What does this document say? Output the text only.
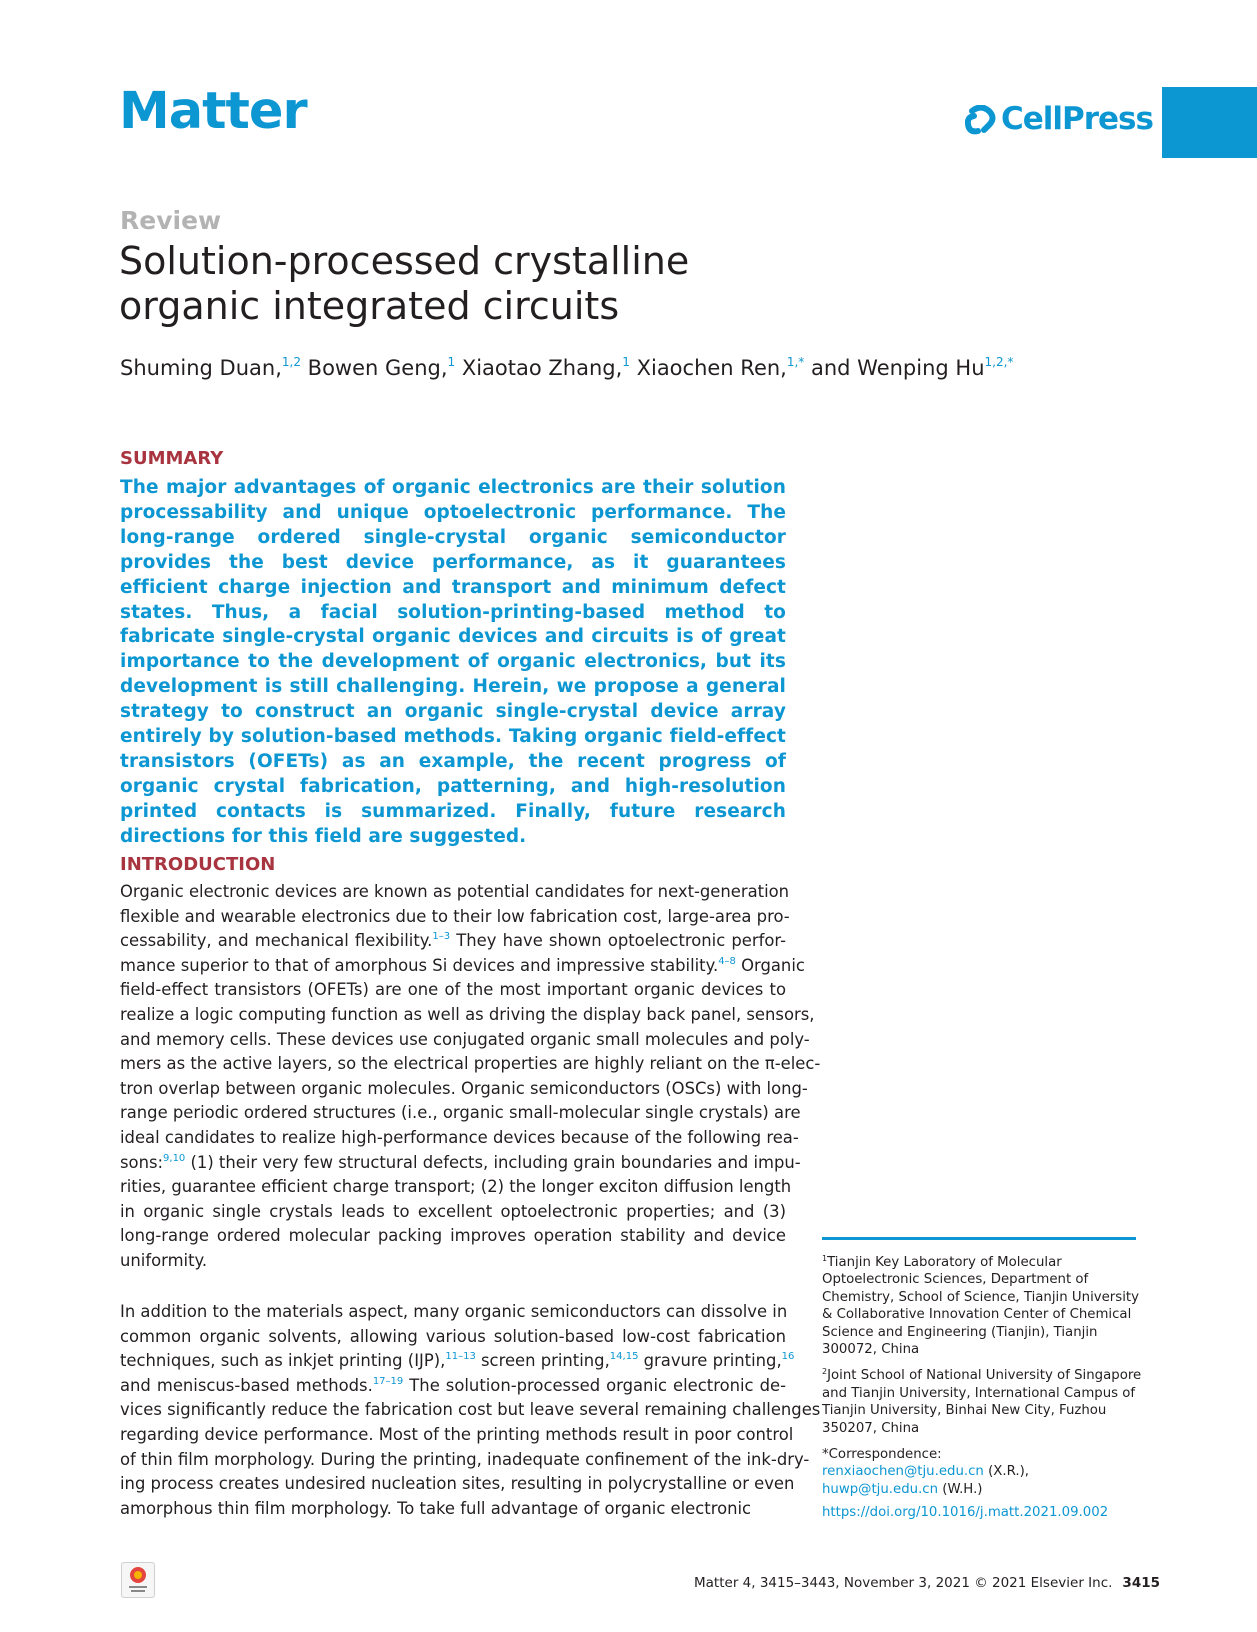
Matter	CellPress
Review
Solution-processed crystalline
organic integrated circuits
Shuming Duan,$^{1,2}$ Bowen Geng,$^1$ Xiaotao Zhang,$^1$ Xiaochen Ren,$^{1,*}$ and Wenping $Hu^{1,2,*}$
SUMMARY
The major advantages of organic electronics are their solution processability and unique optoelectronic performance. The long-range ordered single-crystal organic semiconductor provides the best device performance, as it guarantees efficient charge injection and transport and minimum defect states. Thus, a facial solution-printing-based method to fabricate single-crystal organic devices and circuits is of great importance to the development of organic electronics, but its development is still challenging. Herein, we propose a general strategy to construct an organic single-crystal device array entirely by solution-based methods. Taking organic field-effect transistors (OFETs) as an example, the recent progress of organic crystal fabrication, patterning, and high-resolution printed contacts is summarized. Finally, future research directions for this field are suggested.
INTRODUCTION
Organic electronic devices are known as potential candidates for next-generation
flexible and wearable electronics due to their low fabrication cost, large-area pro-
cessability, and mechanical flexibility.$^{1-3}$ They have shown optoelectronic perfor-
mance superior to that of amorphous Si devices and impressive stability.$^{4-8}$ Organic
field-effect transistors (OFETs) are one of the most important organic devices to
realize a logic computing function as well as driving the display back panel, sensors,
and memory cells. These devices use conjugated organic small molecules and poly-
mers as the active layers, so the electrical properties are highly reliant on the π-elec-
tron overlap between organic molecules. Organic semiconductors (OSCs) with long-
range periodic ordered structures (i.e., organic small-molecular single crystals) are
ideal candidates to realize high-performance devices because of the following rea-
sons:$^{9,10}$ (1) their very few structural defects, including grain boundaries and impu-
rities, guarantee efficient charge transport; (2) the longer exciton diffusion length
in organic single crystals leads to excellent optoelectronic properties; and (3)
long-range ordered molecular packing improves operation stability and device
uniformity.
In addition to the materials aspect, many organic semiconductors can dissolve in
common organic solvents, allowing various solution-based low-cost fabrication
techniques, such as inkjet printing (IJP),$^{11-13}$ screen printing,$^{14,15}$ gravure printing,$^{16}$
and meniscus-based methods.$^{17-19}$ The solution-processed organic electronic de-
vices significantly reduce the fabrication cost but leave several remaining challenges
regarding device performance. Most of the printing methods result in poor control
of thin film morphology. During the printing, inadequate confinement of the ink-dry-
ing process creates undesired nucleation sites, resulting in polycrystalline or even
amorphous thin film morphology. To take full advantage of organic electronic

$^1$Tianjin Key Laboratory of Molecular Optoelectronic Sciences, Department of Chemistry, School of Science, Tianjin University & Collaborative Innovation Center of Chemical Science and Engineering (Tianjin), Tianjin 300072, China

$^2$Joint School of National University of Singapore and Tianjin University, International Campus of Tianjin University, Binhai New City, Fuzhou 350207, China

*Correspondence:
renxiaochen@tju.edu.cn (X.R.),
huwp@tju.edu.cn (W.H.)

https://doi.org/10.1016/j.matt.2021.09.002

Matter 4, 3415–3443, November 3, 2021 © 2021 Elsevier Inc. 3415
